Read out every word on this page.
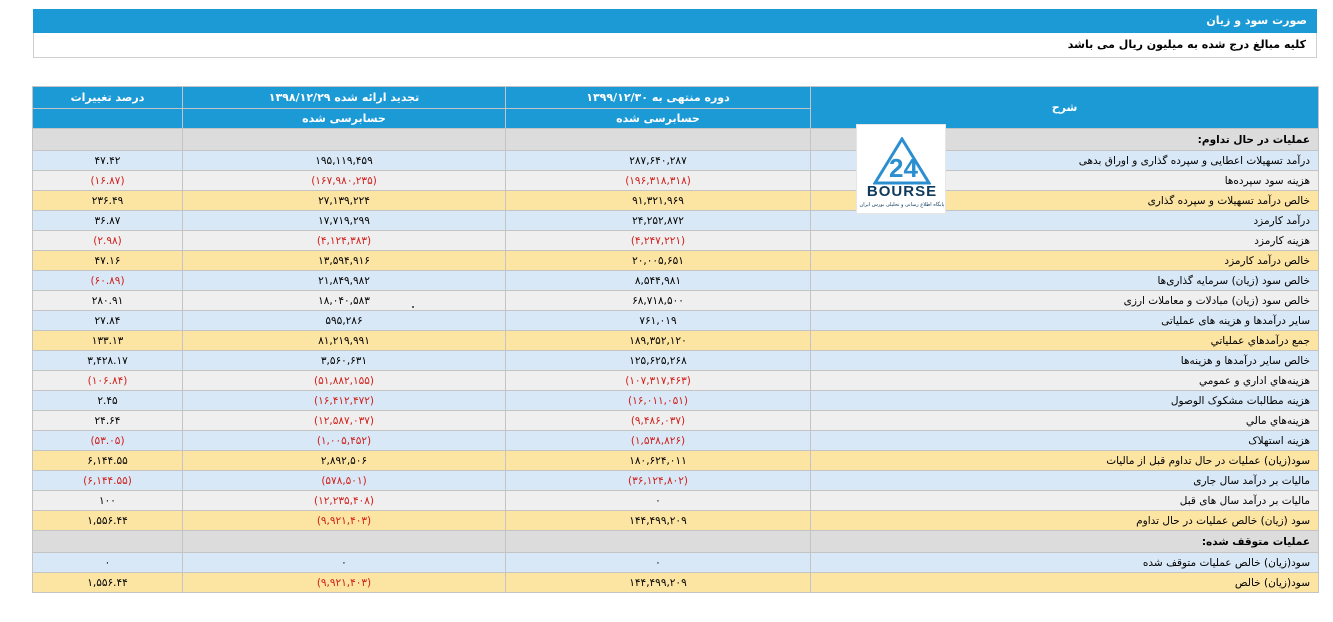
صورت سود و زیان
کلیه مبالغ درج شده به میلیون ریال می باشد
درصد تغییرات	تجدید ارائه شده ۱۳۹۸/۱۲/۲۹	دوره منتهی به ۱۳۹۹/۱۲/۳۰	شرح
	حسابرسی شده	حسابرسی شده	
			عملیات در حال تداوم:
۴۷.۴۲	۱۹۵,۱۱۹,۴۵۹	۲۸۷,۶۴۰,۲۸۷	درآمد تسهیلات اعطایی و سپرده گذاری و اوراق بدهی
(۱۶.۸۷)	(۱۶۷,۹۸۰,۲۳۵)	(۱۹۶,۳۱۸,۳۱۸)	هزینه سود سپرده‌ها
۲۳۶.۴۹	۲۷,۱۳۹,۲۲۴	۹۱,۳۲۱,۹۶۹	خالص درآمد تسهیلات و سپرده گذاری
۳۶.۸۷	۱۷,۷۱۹,۲۹۹	۲۴,۲۵۲,۸۷۲	درآمد کارمزد
(۲.۹۸)	(۴,۱۲۴,۳۸۳)	(۴,۲۴۷,۲۲۱)	هزینه کارمزد
۴۷.۱۶	۱۳,۵۹۴,۹۱۶	۲۰,۰۰۵,۶۵۱	خالص درآمد کارمزد
(۶۰.۸۹)	۲۱,۸۴۹,۹۸۲	۸,۵۴۴,۹۸۱	خالص سود (زیان) سرمایه گذاری‌ها
۲۸۰.۹۱	۱۸,۰۴۰,۵۸۳	۶۸,۷۱۸,۵۰۰	خالص سود (زیان) مبادلات و معاملات ارزی
۲۷.۸۴	۵۹۵,۲۸۶	۷۶۱,۰۱۹	سایر درآمدها و هزینه های عملیاتی
۱۳۳.۱۳	۸۱,۲۱۹,۹۹۱	۱۸۹,۳۵۲,۱۲۰	جمع درآمدهاي عملياتي
۳,۴۲۸.۱۷	۳,۵۶۰,۶۳۱	۱۲۵,۶۲۵,۲۶۸	خالص سایر درآمدها و هزینه‌ها
(۱۰۶.۸۴)	(۵۱,۸۸۲,۱۵۵)	(۱۰۷,۳۱۷,۴۶۳)	هزینه‌هاي اداري و عمومي
۲.۴۵	(۱۶,۴۱۲,۴۷۲)	(۱۶,۰۱۱,۰۵۱)	هزینه مطالبات مشکوک الوصول
۲۴.۶۴	(۱۲,۵۸۷,۰۳۷)	(۹,۴۸۶,۰۳۷)	هزینه‌هاي مالي
(۵۳.۰۵)	(۱,۰۰۵,۴۵۲)	(۱,۵۳۸,۸۲۶)	هزینه استهلاک
۶,۱۴۴.۵۵	۲,۸۹۲,۵۰۶	۱۸۰,۶۲۴,۰۱۱	سود(زیان) عملیات در حال تداوم قبل از مالیات
(۶,۱۴۴.۵۵)	(۵۷۸,۵۰۱)	(۳۶,۱۲۴,۸۰۲)	مالیات بر درآمد سال جاری
۱۰۰	(۱۲,۲۳۵,۴۰۸)	۰	مالیات بر درآمد سال های قبل
۱,۵۵۶.۴۴	(۹,۹۲۱,۴۰۳)	۱۴۴,۴۹۹,۲۰۹	سود (زیان) خالص عملیات در حال تداوم
			عملیات متوقف شده:
۰	۰	۰	سود(زیان) خالص عملیات متوقف شده
۱,۵۵۶.۴۴	(۹,۹۲۱,۴۰۳)	۱۴۴,۴۹۹,۲۰۹	سود(زیان) خالص
24
BOURSE
پایگاه اطلاع رسانی و تحلیلی بورس ایران
